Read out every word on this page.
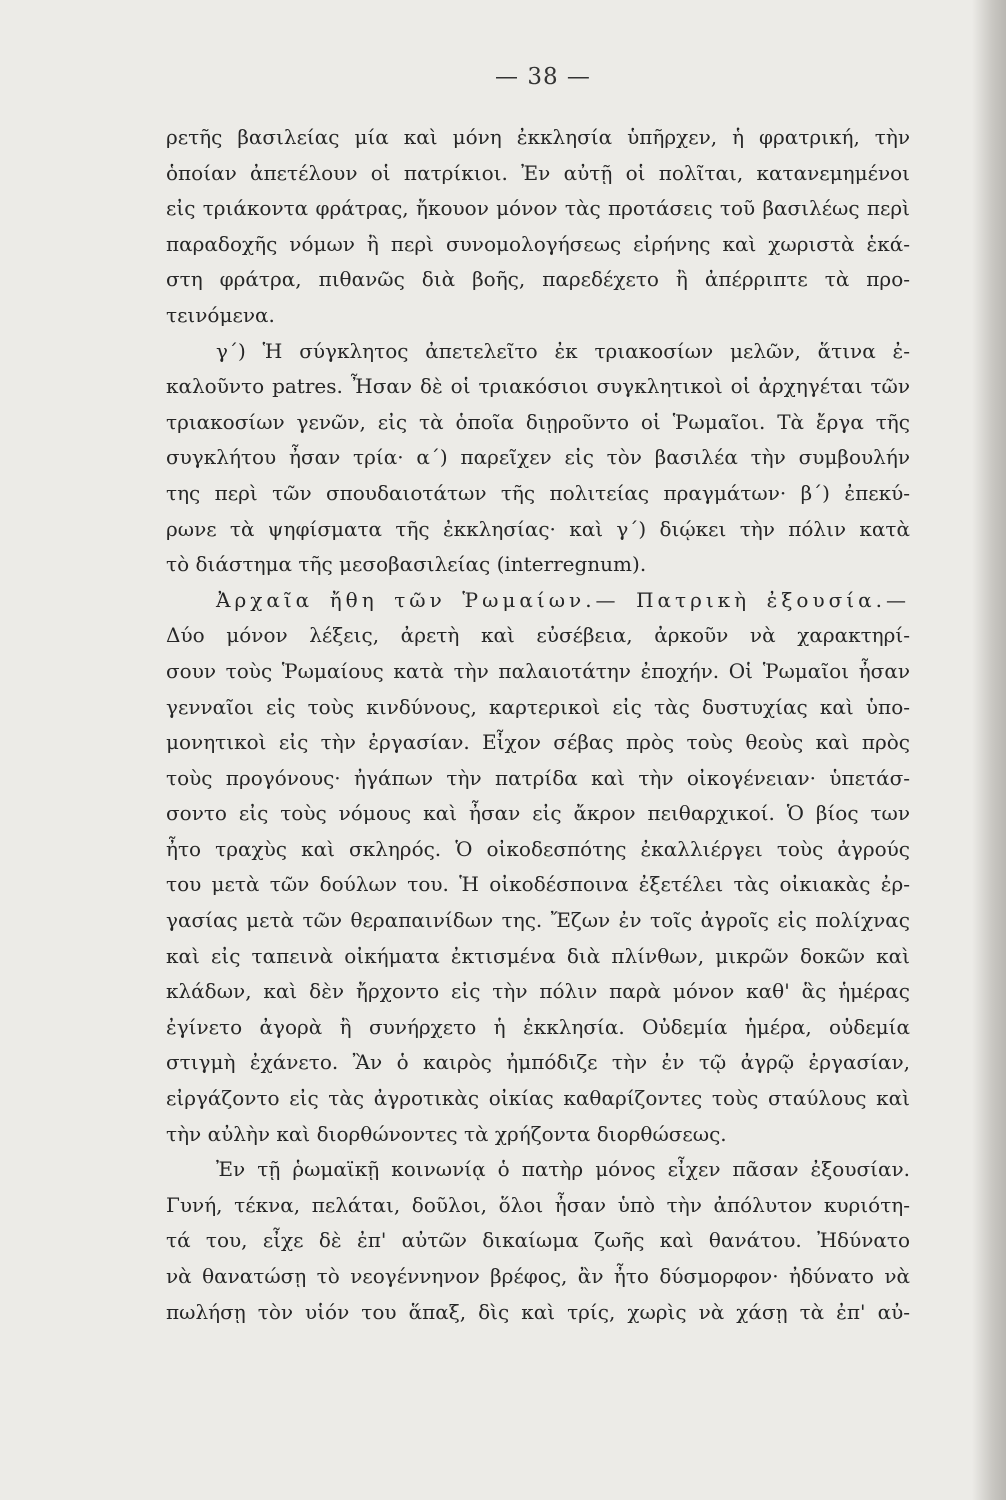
— 38 —
ρετῆς βασιλείας μία καὶ μόνη ἐκκλησία ὑπῆρχεν, ἡ φρατρική, τὴν
ὁποίαν ἀπετέλουν οἱ πατρίκιοι. Ἐν αὐτῇ οἱ πολῖται, κατανεμημένοι
εἰς τριάκοντα φράτρας, ἤκουον μόνον τὰς προτάσεις τοῦ βασιλέως περὶ
παραδοχῆς νόμων ἢ περὶ συνομολογήσεως εἰρήνης καὶ χωριστὰ ἑκά-
στη φράτρα, πιθανῶς διὰ βοῆς, παρεδέχετο ἢ ἀπέρριπτε τὰ προ-
τεινόμενα.
γ΄) Ἡ σύγκλητος ἀπετελεῖτο ἐκ τριακοσίων μελῶν, ἅτινα ἐ-
καλοῦντο patres. Ἦσαν δὲ οἱ τριακόσιοι συγκλητικοὶ οἱ ἀρχηγέται τῶν
τριακοσίων γενῶν, εἰς τὰ ὁποῖα διῃροῦντο οἱ Ῥωμαῖοι. Τὰ ἔργα τῆς
συγκλήτου ἦσαν τρία· α΄) παρεῖχεν εἰς τὸν βασιλέα τὴν συμβουλήν
της περὶ τῶν σπουδαιοτάτων τῆς πολιτείας πραγμάτων· β΄) ἐπεκύ-
ρωνε τὰ ψηφίσματα τῆς ἐκκλησίας· καὶ γ΄) διῴκει τὴν πόλιν κατὰ
τὸ διάστημα τῆς μεσοβασιλείας (interregnum).
Ἀρχαῖα ἤθη τῶν Ῥωμαίων.— Πατρικὴ ἐξουσία.—
Δύο μόνον λέξεις, ἀρετὴ καὶ εὐσέβεια, ἀρκοῦν νὰ χαρακτηρί-
σουν τοὺς Ῥωμαίους κατὰ τὴν παλαιοτάτην ἐποχήν. Οἱ Ῥωμαῖοι ἦσαν
γενναῖοι εἰς τοὺς κινδύνους, καρτερικοὶ εἰς τὰς δυστυχίας καὶ ὑπο-
μονητικοὶ εἰς τὴν ἐργασίαν. Εἶχον σέβας πρὸς τοὺς θεοὺς καὶ πρὸς
τοὺς προγόνους· ἠγάπων τὴν πατρίδα καὶ τὴν οἰκογένειαν· ὑπετάσ-
σοντο εἰς τοὺς νόμους καὶ ἦσαν εἰς ἄκρον πειθαρχικοί. Ὁ βίος των
ἦτο τραχὺς καὶ σκληρός. Ὁ οἰκοδεσπότης ἐκαλλιέργει τοὺς ἀγρούς
του μετὰ τῶν δούλων του. Ἡ οἰκοδέσποινα ἐξετέλει τὰς οἰκιακὰς ἐρ-
γασίας μετὰ τῶν θεραπαινίδων της. Ἔζων ἐν τοῖς ἀγροῖς εἰς πολίχνας
καὶ εἰς ταπεινὰ οἰκήματα ἐκτισμένα διὰ πλίνθων, μικρῶν δοκῶν καὶ
κλάδων, καὶ δὲν ἤρχοντο εἰς τὴν πόλιν παρὰ μόνον καθ' ἃς ἡμέρας
ἐγίνετο ἀγορὰ ἢ συνήρχετο ἡ ἐκκλησία. Οὐδεμία ἡμέρα, οὐδεμία
στιγμὴ ἐχάνετο. Ἂν ὁ καιρὸς ἠμπόδιζε τὴν ἐν τῷ ἀγρῷ ἐργασίαν,
εἰργάζοντο εἰς τὰς ἀγροτικὰς οἰκίας καθαρίζοντες τοὺς σταύλους καὶ
τὴν αὐλὴν καὶ διορθώνοντες τὰ χρήζοντα διορθώσεως.
Ἐν τῇ ῥωμαϊκῇ κοινωνίᾳ ὁ πατὴρ μόνος εἶχεν πᾶσαν ἐξουσίαν.
Γυνή, τέκνα, πελάται, δοῦλοι, ὅλοι ἦσαν ὑπὸ τὴν ἀπόλυτον κυριότη-
τά του, εἶχε δὲ ἐπ' αὐτῶν δικαίωμα ζωῆς καὶ θανάτου. Ἠδύνατο
νὰ θανατώσῃ τὸ νεογέννηνον βρέφος, ἂν ἦτο δύσμορφον· ἠδύνατο νὰ
πωλήσῃ τὸν υἱόν του ἅπαξ, δὶς καὶ τρίς, χωρὶς νὰ χάσῃ τὰ ἐπ' αὐ-
